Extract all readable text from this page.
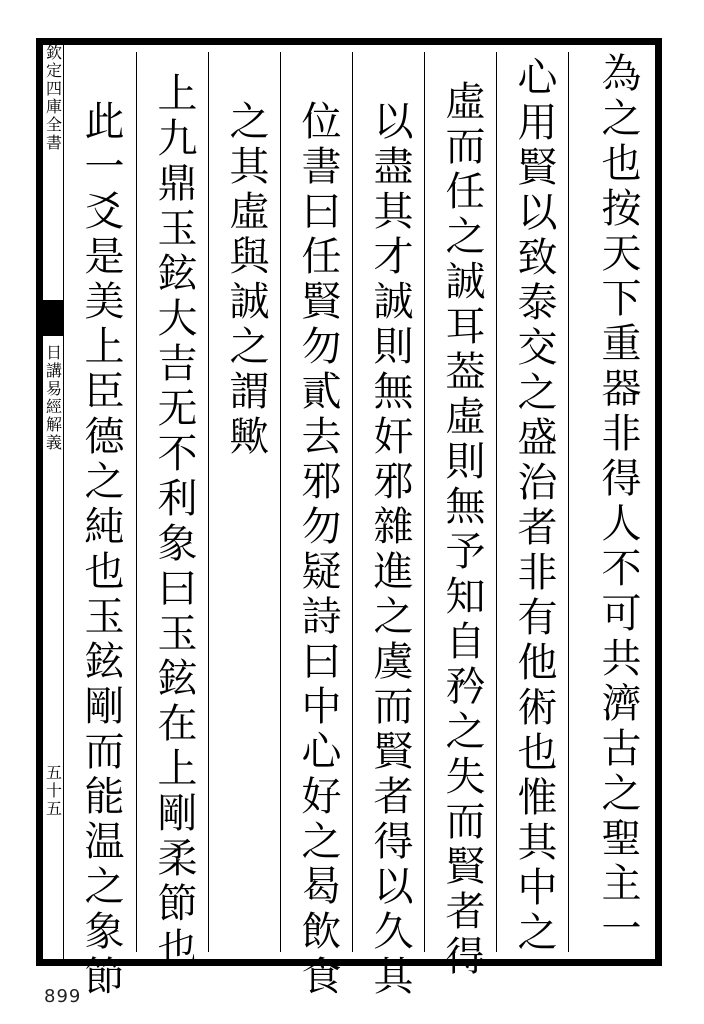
欽定四庫全書
日講易經解義
五十五	為之也按天下重器非得人不可共濟古之聖主一
心用賢以致泰交之盛治者非有他術也惟其中之
虛而任之誠耳葢虛則無予知自矜之失而賢者得
以盡其才誠則無奸邪雜進之虞而賢者得以久其
位書曰任賢勿貳去邪勿疑詩曰中心好之曷飲食
之其虛與誠之謂歟
上九鼎玉鉉大吉无不利象曰玉鉉在上剛柔節也
此一爻是美上臣德之純也玉鉉剛而能温之象節
899
